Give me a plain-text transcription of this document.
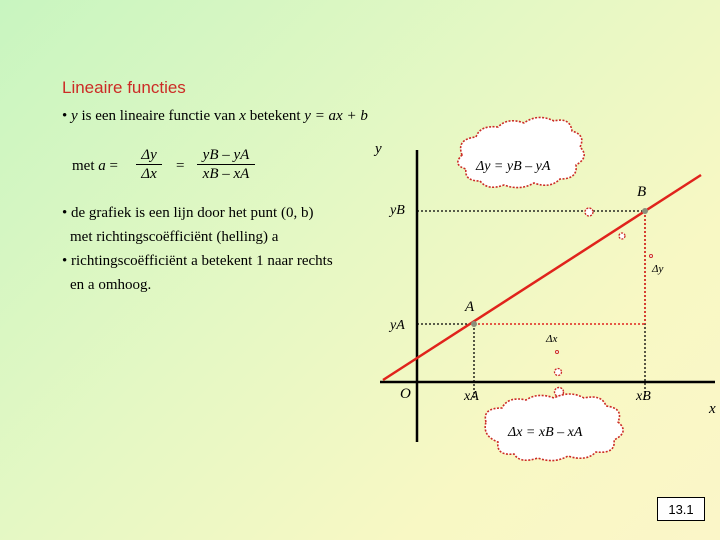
Lineaire functies
• y is een lineaire functie van x betekent y = ax + b
met $a = \frac{\Delta y}{\Delta x} = \frac{yB - yA}{xB - xA}$
• de grafiek is een lijn door het punt (0, b)
met richtingscoëfficiënt (helling) a
• richtingscoëfficiënt a betekent 1 naar rechts
en a omhoog.
y
x
O
A
B
yB
yA
xA	xB
Δy
Δx
Δy = yB – yA
Δx = xB – xA
13.1
